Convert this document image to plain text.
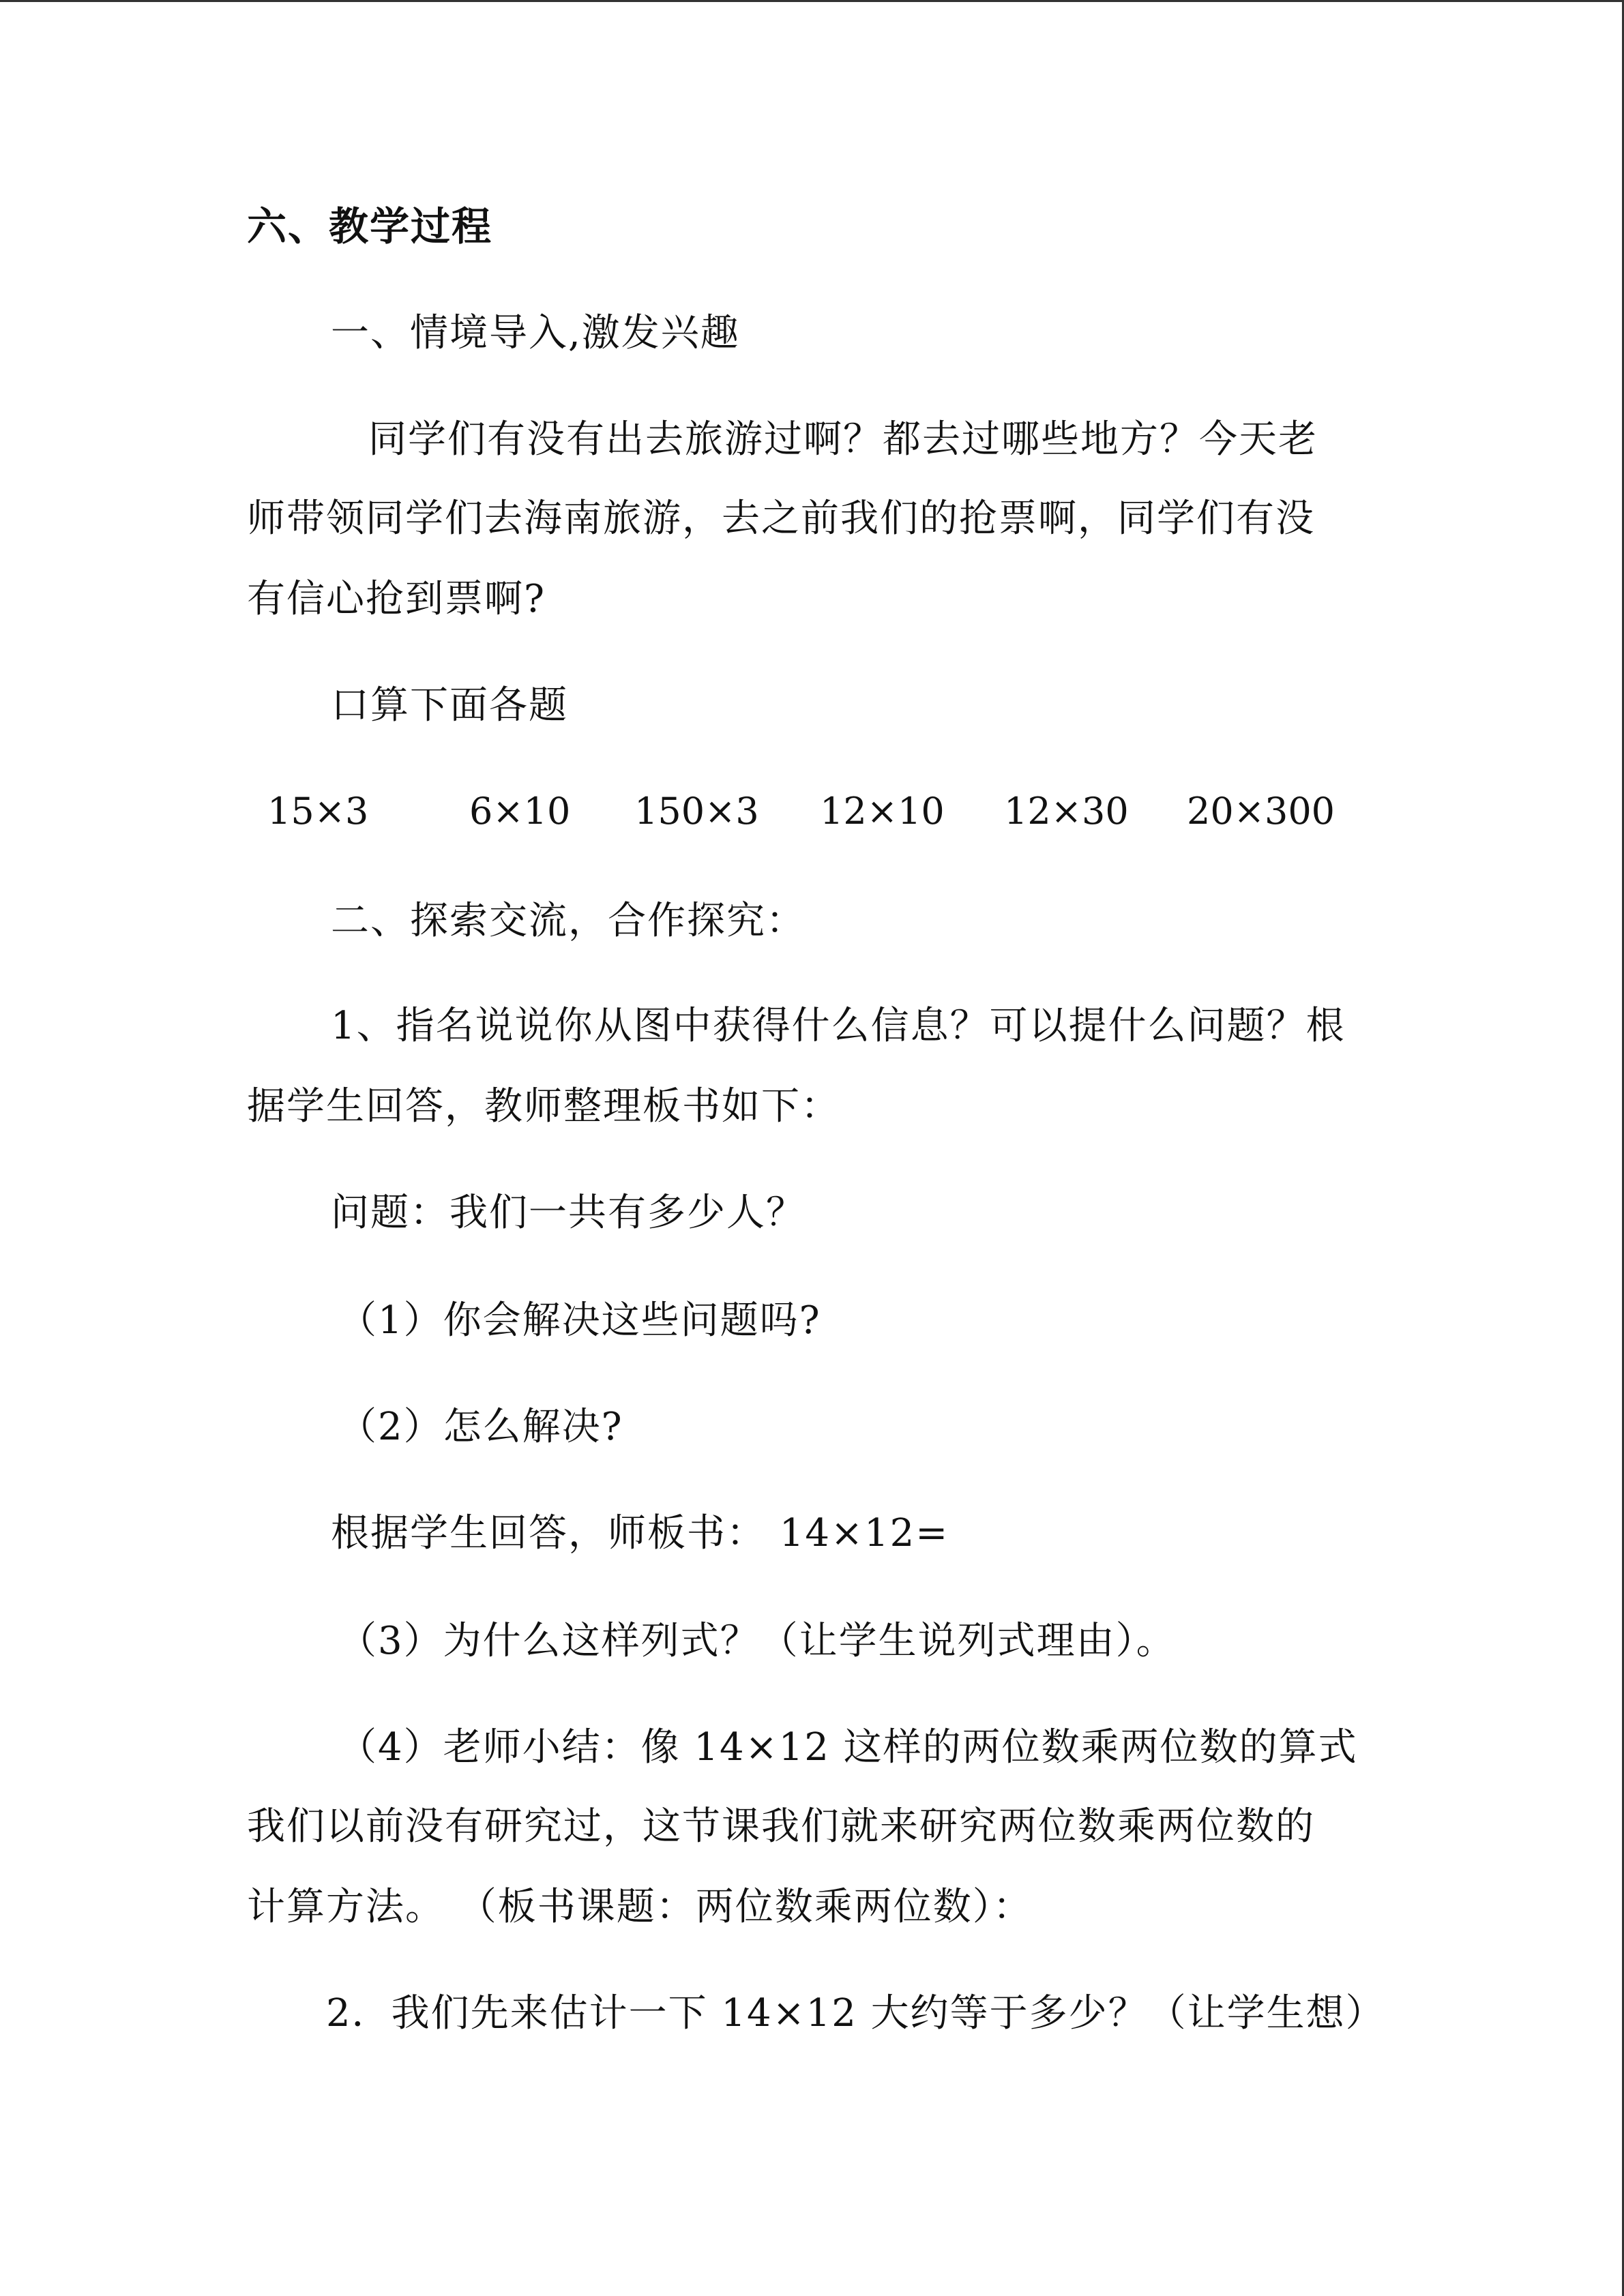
六、教学过程
一、情境导入,激发兴趣
同学们有没有出去旅游过啊？都去过哪些地方？今天老
师带领同学们去海南旅游，去之前我们的抢票啊，同学们有没
有信心抢到票啊?
口算下面各题
15×3	6×10 150×3 12×10 12×30 20×300
二、探索交流，合作探究：
1、指名说说你从图中获得什么信息？可以提什么问题？根
据学生回答，教师整理板书如下：
问题：我们一共有多少人？
（1）你会解决这些问题吗?
（2）怎么解决?
根据学生回答，师板书： 14×12=
（3）为什么这样列式？（让学生说列式理由）。
（4）老师小结：像 14×12 这样的两位数乘两位数的算式
我们以前没有研究过，这节课我们就来研究两位数乘两位数的
计算方法。 （板书课题：两位数乘两位数）：
2．我们先来估计一下 14×12 大约等于多少？（让学生想）
